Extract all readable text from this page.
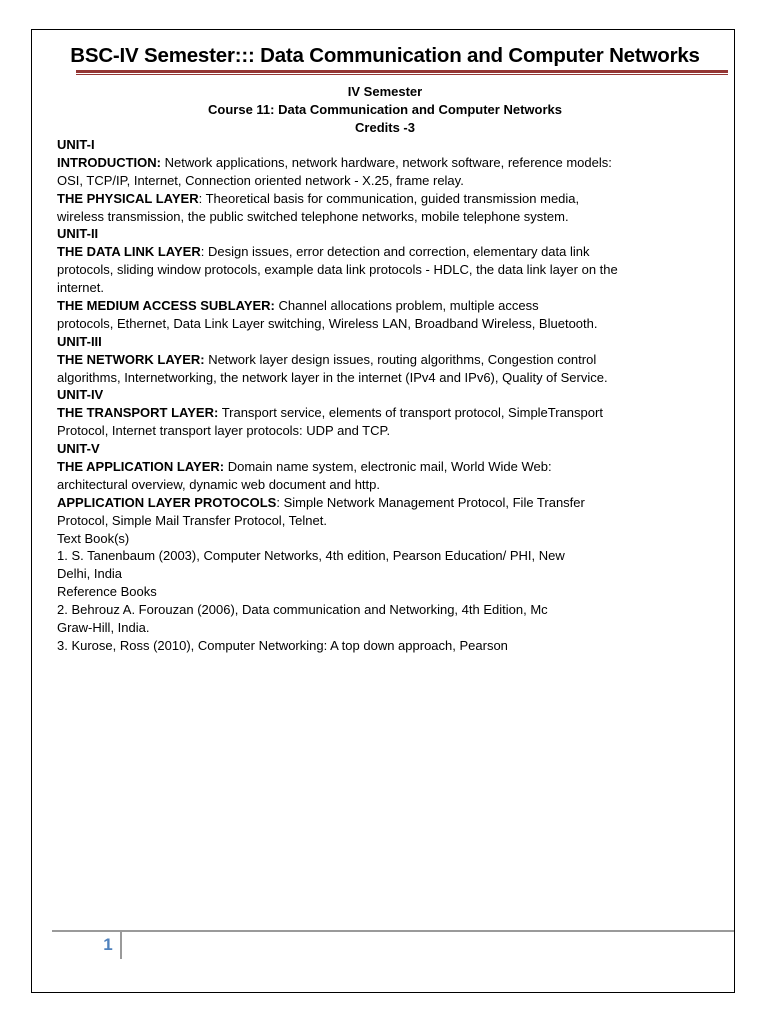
BSC-IV Semester::: Data Communication and Computer Networks
IV Semester
Course 11: Data Communication and Computer Networks
Credits -3
UNIT-I
INTRODUCTION: Network applications, network hardware, network software, reference models:
OSI, TCP/IP, Internet, Connection oriented network - X.25, frame relay.
THE PHYSICAL LAYER: Theoretical basis for communication, guided transmission media,
wireless transmission, the public switched telephone networks, mobile telephone system.
UNIT-II
THE DATA LINK LAYER: Design issues, error detection and correction, elementary data link
protocols, sliding window protocols, example data link protocols - HDLC, the data link layer on the
internet.
THE MEDIUM ACCESS SUBLAYER: Channel allocations problem, multiple access
protocols, Ethernet, Data Link Layer switching, Wireless LAN, Broadband Wireless, Bluetooth.
UNIT-III
THE NETWORK LAYER: Network layer design issues, routing algorithms, Congestion control
algorithms, Internetworking, the network layer in the internet (IPv4 and IPv6), Quality of Service.
UNIT-IV
THE TRANSPORT LAYER: Transport service, elements of transport protocol, SimpleTransport
Protocol, Internet transport layer protocols: UDP and TCP.
UNIT-V
THE APPLICATION LAYER: Domain name system, electronic mail, World Wide Web:
architectural overview, dynamic web document and http.
APPLICATION LAYER PROTOCOLS: Simple Network Management Protocol, File Transfer
Protocol, Simple Mail Transfer Protocol, Telnet.
Text Book(s)
1. S. Tanenbaum (2003), Computer Networks, 4th edition, Pearson Education/ PHI, New
Delhi, India
Reference Books
2. Behrouz A. Forouzan (2006), Data communication and Networking, 4th Edition, Mc
Graw-Hill, India.
3. Kurose, Ross (2010), Computer Networking: A top down approach, Pearson
1
